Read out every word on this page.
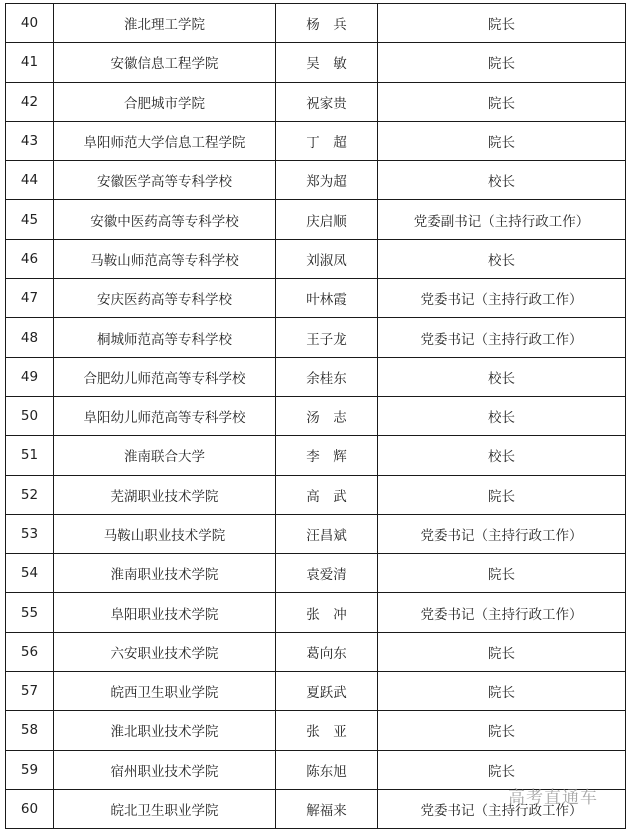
40	淮北理工学院	杨　兵	院长
41	安徽信息工程学院	吴　敏	院长
42	合肥城市学院	祝家贵	院长
43	阜阳师范大学信息工程学院	丁　超	院长
44	安徽医学高等专科学校	郑为超	校长
45	安徽中医药高等专科学校	庆启顺	党委副书记（主持行政工作）
46	马鞍山师范高等专科学校	刘淑凤	校长
47	安庆医药高等专科学校	叶林霞	党委书记（主持行政工作）
48	桐城师范高等专科学校	王子龙	党委书记（主持行政工作）
49	合肥幼儿师范高等专科学校	余桂东	校长
50	阜阳幼儿师范高等专科学校	汤　志	校长
51	淮南联合大学	李　辉	校长
52	芜湖职业技术学院	高　武	院长
53	马鞍山职业技术学院	汪昌斌	党委书记（主持行政工作）
54	淮南职业技术学院	袁爱清	院长
55	阜阳职业技术学院	张　冲	党委书记（主持行政工作）
56	六安职业技术学院	葛向东	院长
57	皖西卫生职业学院	夏跃武	院长
58	淮北职业技术学院	张　亚	院长
59	宿州职业技术学院	陈东旭	院长
60	皖北卫生职业学院	解福来	党委书记（主持行政工作）
高考直通车
